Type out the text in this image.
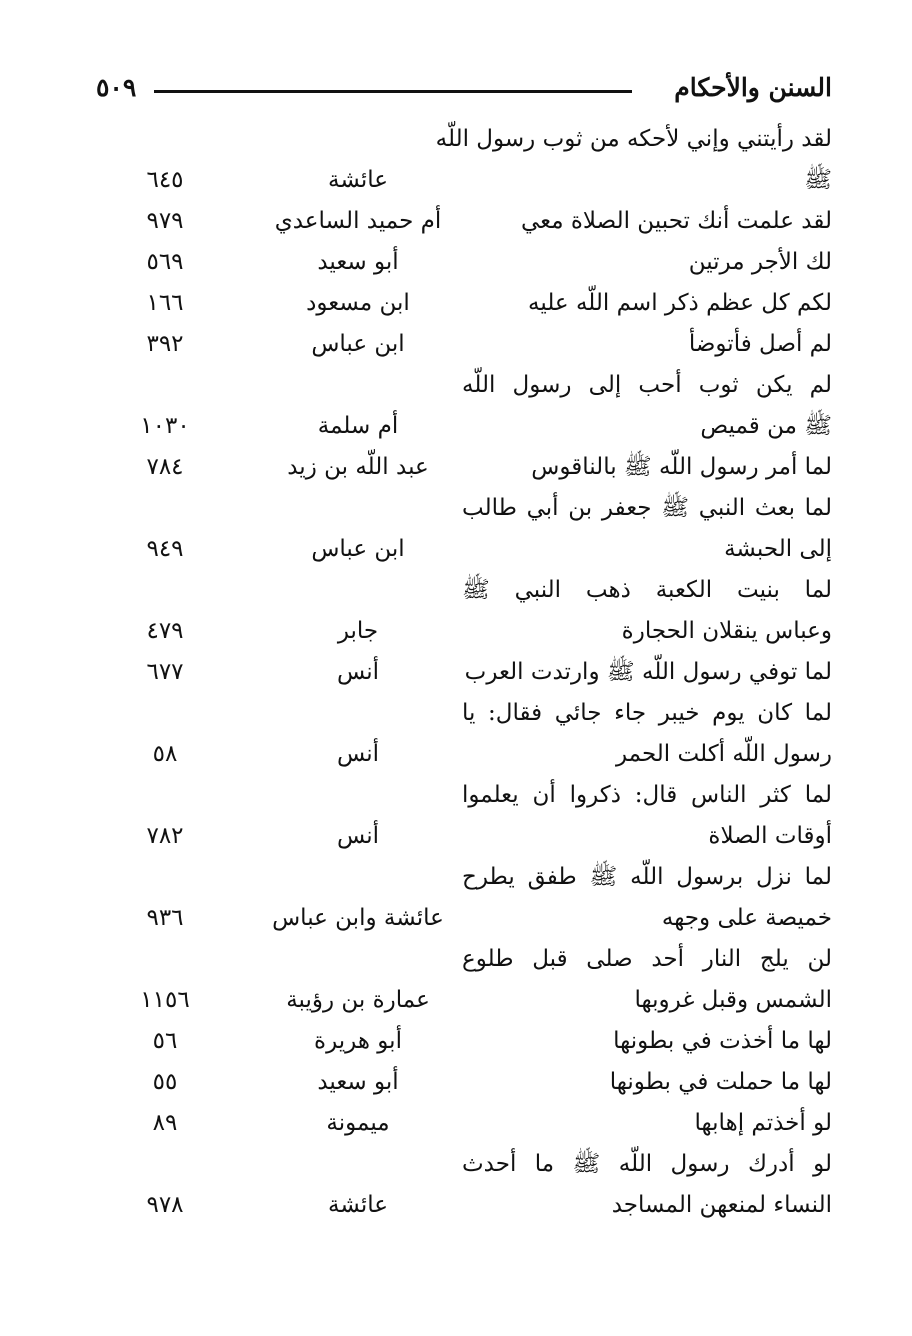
السنن والأحكام
٥٠٩
لقد رأيتني وإني لأحكه من ثوب رسول اللّه
ﷺ
عائشة
٦٤٥
لقد علمت أنك تحبين الصلاة معي
أم حميد الساعدي
٩٧٩
لك الأجر مرتين
أبو سعيد
٥٦٩
لكم كل عظم ذكر اسم اللّه عليه
ابن مسعود
١٦٦
لم أصل فأتوضأ
ابن عباس
٣٩٢
لم يكن ثوب أحب إلى رسول اللّه
ﷺ من قميص
أم سلمة
١٠٣٠
لما أمر رسول اللّه ﷺ بالناقوس
عبد اللّه بن زيد
٧٨٤
لما بعث النبي ﷺ جعفر بن أبي طالب
إلى الحبشة
ابن عباس
٩٤٩
لما بنيت الكعبة ذهب النبي ﷺ
وعباس ينقلان الحجارة
جابر
٤٧٩
لما توفي رسول اللّه ﷺ وارتدت العرب
أنس
٦٧٧
لما كان يوم خيبر جاء جائي فقال: يا
رسول اللّه أكلت الحمر
أنس
٥٨
لما كثر الناس قال: ذكروا أن يعلموا
أوقات الصلاة
أنس
٧٨٢
لما نزل برسول اللّه ﷺ طفق يطرح
خميصة على وجهه
عائشة وابن عباس
٩٣٦
لن يلج النار أحد صلى قبل طلوع
الشمس وقبل غروبها
عمارة بن رؤيبة
١١٥٦
لها ما أخذت في بطونها
أبو هريرة
٥٦
لها ما حملت في بطونها
أبو سعيد
٥٥
لو أخذتم إهابها
ميمونة
٨٩
لو أدرك رسول اللّه ﷺ ما أحدث
النساء لمنعهن المساجد
عائشة
٩٧٨
